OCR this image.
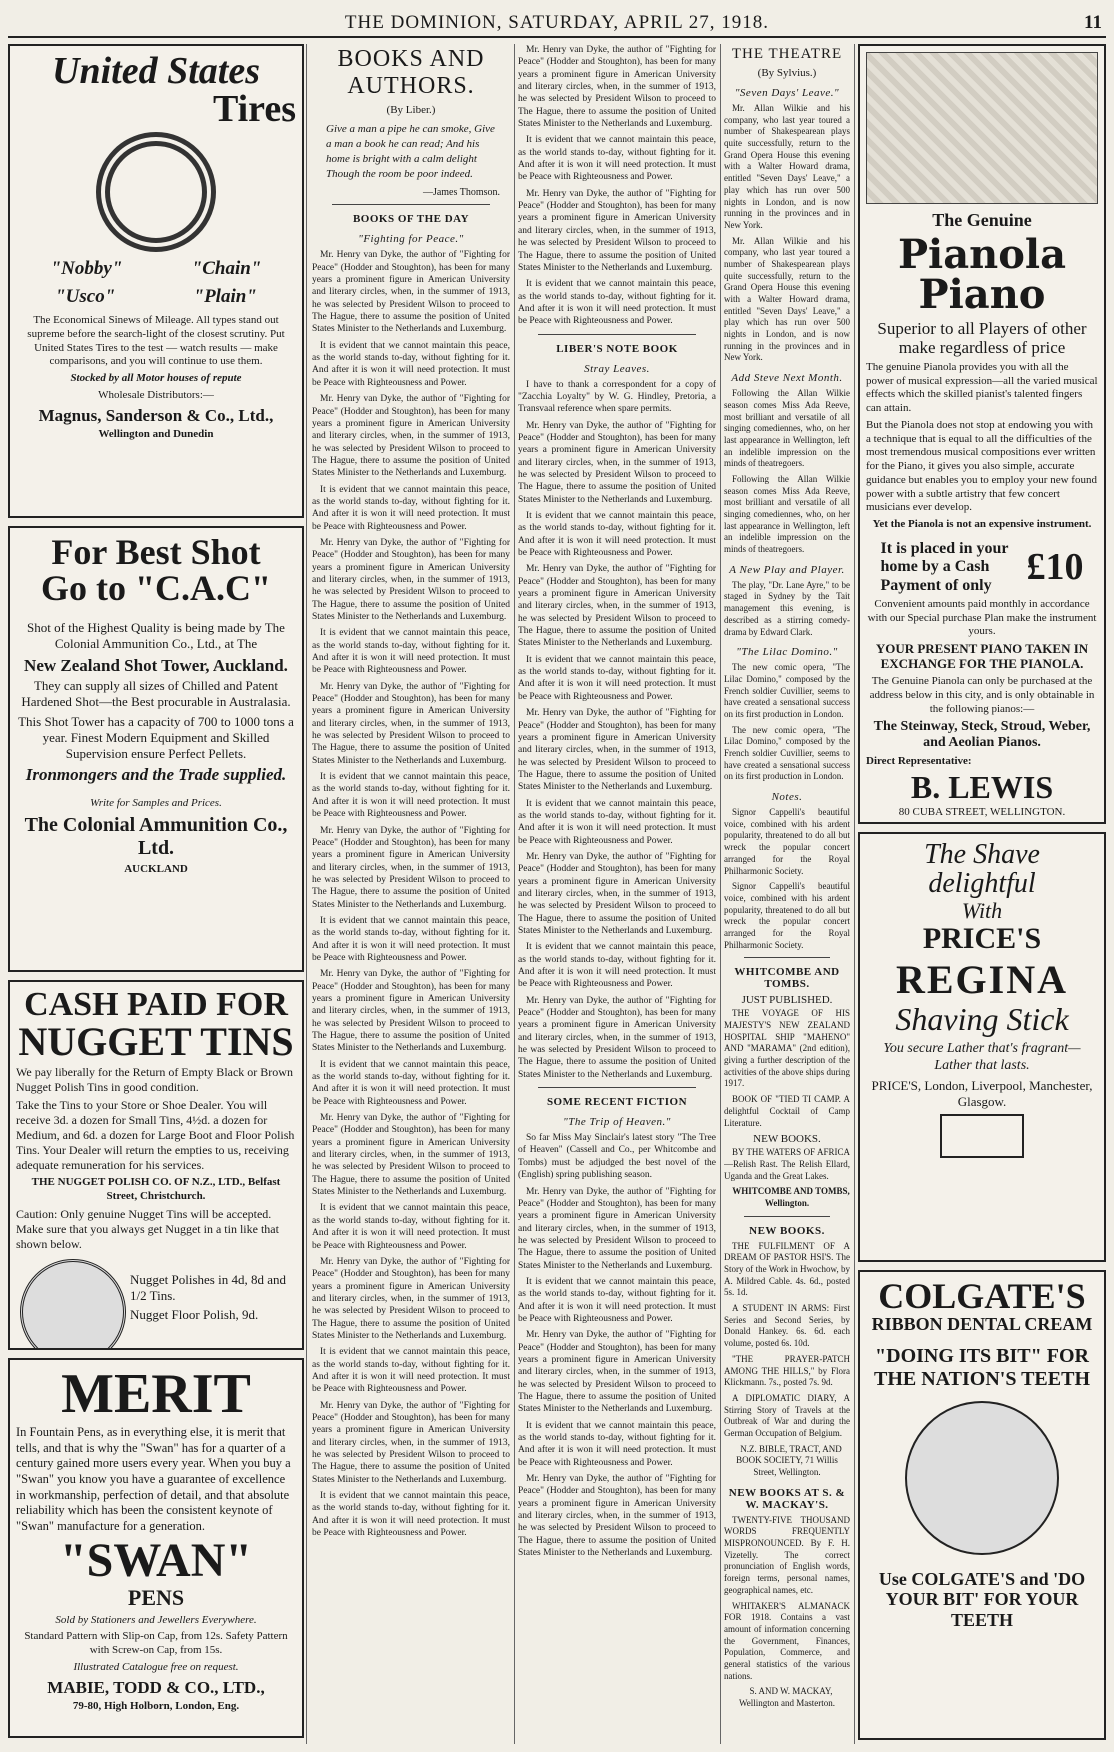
THE DOMINION, SATURDAY, APRIL 27, 1918.	11
United States
Tires
"Nobby"	"Chain"
"Usco"	"Plain"

The Economical Sinews of Mileage. All types stand out supreme before the search-light of the closest scrutiny. Put United States Tires to the test — watch results — make comparisons, and you will continue to use them.

Stocked by all Motor houses of repute

Wholesale Distributors:—

Magnus, Sanderson & Co., Ltd.,

Wellington and Dunedin

For Best Shot
Go to "C.A.C"

Shot of the Highest Quality is being made by The Colonial Ammunition Co., Ltd., at The

New Zealand Shot Tower, Auckland.

They can supply all sizes of Chilled and Patent Hardened Shot—the Best procurable in Australasia.

This Shot Tower has a capacity of 700 to 1000 tons a year. Finest Modern Equipment and Skilled Supervision ensure Perfect Pellets.

Ironmongers and the Trade supplied.

Write for Samples and Prices.

The Colonial Ammunition Co., Ltd.

AUCKLAND

CASH PAID FOR
NUGGET TINS

We pay liberally for the Return of Empty Black or Brown Nugget Polish Tins in good condition.

Take the Tins to your Store or Shoe Dealer. You will receive 3d. a dozen for Small Tins, 4½d. a dozen for Medium, and 6d. a dozen for Large Boot and Floor Polish Tins. Your Dealer will return the empties to us, receiving adequate remuneration for his services.

THE NUGGET POLISH CO. OF N.Z., LTD., Belfast Street, Christchurch.

Caution: Only genuine Nugget Tins will be accepted. Make sure that you always get Nugget in a tin like that shown below.

Nugget Polishes in 4d, 8d and 1/2 Tins.

Nugget Floor Polish, 9d.

MERIT

In Fountain Pens, as in everything else, it is merit that tells, and that is why the "Swan" has for a quarter of a century gained more users every year. When you buy a "Swan" you know you have a guarantee of excellence in workmanship, perfection of detail, and that absolute reliability which has been the consistent keynote of "Swan" manufacture for a generation.

"SWAN"
PENS

Sold by Stationers and Jewellers Everywhere.

Standard Pattern with Slip-on Cap, from 12s. Safety Pattern with Screw-on Cap, from 15s.

Illustrated Catalogue free on request.

MABIE, TODD & CO., LTD.,

79-80, High Holborn, London, Eng.

BOOKS AND AUTHORS.
(By Liber.)
Give a man a pipe he can smoke, Give a man a book he can read; And his home is bright with a calm delight Though the room be poor indeed.
—James Thomson.
BOOKS OF THE DAY
"Fighting for Peace."

Mr. Henry van Dyke, the author of "Fighting for Peace" (Hodder and Stoughton), has been for many years a prominent figure in American University and literary circles, when, in the summer of 1913, he was selected by President Wilson to proceed to The Hague, there to assume the position of United States Minister to the Netherlands and Luxemburg.

It is evident that we cannot maintain this peace, as the world stands to-day, without fighting for it. And after it is won it will need protection. It must be Peace with Righteousness and Power.

Mr. Henry van Dyke, the author of "Fighting for Peace" (Hodder and Stoughton), has been for many years a prominent figure in American University and literary circles, when, in the summer of 1913, he was selected by President Wilson to proceed to The Hague, there to assume the position of United States Minister to the Netherlands and Luxemburg.

It is evident that we cannot maintain this peace, as the world stands to-day, without fighting for it. And after it is won it will need protection. It must be Peace with Righteousness and Power.

Mr. Henry van Dyke, the author of "Fighting for Peace" (Hodder and Stoughton), has been for many years a prominent figure in American University and literary circles, when, in the summer of 1913, he was selected by President Wilson to proceed to The Hague, there to assume the position of United States Minister to the Netherlands and Luxemburg.

It is evident that we cannot maintain this peace, as the world stands to-day, without fighting for it. And after it is won it will need protection. It must be Peace with Righteousness and Power.

Mr. Henry van Dyke, the author of "Fighting for Peace" (Hodder and Stoughton), has been for many years a prominent figure in American University and literary circles, when, in the summer of 1913, he was selected by President Wilson to proceed to The Hague, there to assume the position of United States Minister to the Netherlands and Luxemburg.

It is evident that we cannot maintain this peace, as the world stands to-day, without fighting for it. And after it is won it will need protection. It must be Peace with Righteousness and Power.

Mr. Henry van Dyke, the author of "Fighting for Peace" (Hodder and Stoughton), has been for many years a prominent figure in American University and literary circles, when, in the summer of 1913, he was selected by President Wilson to proceed to The Hague, there to assume the position of United States Minister to the Netherlands and Luxemburg.

It is evident that we cannot maintain this peace, as the world stands to-day, without fighting for it. And after it is won it will need protection. It must be Peace with Righteousness and Power.

Mr. Henry van Dyke, the author of "Fighting for Peace" (Hodder and Stoughton), has been for many years a prominent figure in American University and literary circles, when, in the summer of 1913, he was selected by President Wilson to proceed to The Hague, there to assume the position of United States Minister to the Netherlands and Luxemburg.

It is evident that we cannot maintain this peace, as the world stands to-day, without fighting for it. And after it is won it will need protection. It must be Peace with Righteousness and Power.

Mr. Henry van Dyke, the author of "Fighting for Peace" (Hodder and Stoughton), has been for many years a prominent figure in American University and literary circles, when, in the summer of 1913, he was selected by President Wilson to proceed to The Hague, there to assume the position of United States Minister to the Netherlands and Luxemburg.

It is evident that we cannot maintain this peace, as the world stands to-day, without fighting for it. And after it is won it will need protection. It must be Peace with Righteousness and Power.

Mr. Henry van Dyke, the author of "Fighting for Peace" (Hodder and Stoughton), has been for many years a prominent figure in American University and literary circles, when, in the summer of 1913, he was selected by President Wilson to proceed to The Hague, there to assume the position of United States Minister to the Netherlands and Luxemburg.

It is evident that we cannot maintain this peace, as the world stands to-day, without fighting for it. And after it is won it will need protection. It must be Peace with Righteousness and Power.

Mr. Henry van Dyke, the author of "Fighting for Peace" (Hodder and Stoughton), has been for many years a prominent figure in American University and literary circles, when, in the summer of 1913, he was selected by President Wilson to proceed to The Hague, there to assume the position of United States Minister to the Netherlands and Luxemburg.

It is evident that we cannot maintain this peace, as the world stands to-day, without fighting for it. And after it is won it will need protection. It must be Peace with Righteousness and Power.

Mr. Henry van Dyke, the author of "Fighting for Peace" (Hodder and Stoughton), has been for many years a prominent figure in American University and literary circles, when, in the summer of 1913, he was selected by President Wilson to proceed to The Hague, there to assume the position of United States Minister to the Netherlands and Luxemburg.

It is evident that we cannot maintain this peace, as the world stands to-day, without fighting for it. And after it is won it will need protection. It must be Peace with Righteousness and Power.

Mr. Henry van Dyke, the author of "Fighting for Peace" (Hodder and Stoughton), has been for many years a prominent figure in American University and literary circles, when, in the summer of 1913, he was selected by President Wilson to proceed to The Hague, there to assume the position of United States Minister to the Netherlands and Luxemburg.

It is evident that we cannot maintain this peace, as the world stands to-day, without fighting for it. And after it is won it will need protection. It must be Peace with Righteousness and Power.

LIBER'S NOTE BOOK
Stray Leaves.

I have to thank a correspondent for a copy of "Zacchia Loyalty" by W. G. Hindley, Pretoria, a Transvaal reference when spare permits.

Mr. Henry van Dyke, the author of "Fighting for Peace" (Hodder and Stoughton), has been for many years a prominent figure in American University and literary circles, when, in the summer of 1913, he was selected by President Wilson to proceed to The Hague, there to assume the position of United States Minister to the Netherlands and Luxemburg.

It is evident that we cannot maintain this peace, as the world stands to-day, without fighting for it. And after it is won it will need protection. It must be Peace with Righteousness and Power.

Mr. Henry van Dyke, the author of "Fighting for Peace" (Hodder and Stoughton), has been for many years a prominent figure in American University and literary circles, when, in the summer of 1913, he was selected by President Wilson to proceed to The Hague, there to assume the position of United States Minister to the Netherlands and Luxemburg.

It is evident that we cannot maintain this peace, as the world stands to-day, without fighting for it. And after it is won it will need protection. It must be Peace with Righteousness and Power.

Mr. Henry van Dyke, the author of "Fighting for Peace" (Hodder and Stoughton), has been for many years a prominent figure in American University and literary circles, when, in the summer of 1913, he was selected by President Wilson to proceed to The Hague, there to assume the position of United States Minister to the Netherlands and Luxemburg.

It is evident that we cannot maintain this peace, as the world stands to-day, without fighting for it. And after it is won it will need protection. It must be Peace with Righteousness and Power.

Mr. Henry van Dyke, the author of "Fighting for Peace" (Hodder and Stoughton), has been for many years a prominent figure in American University and literary circles, when, in the summer of 1913, he was selected by President Wilson to proceed to The Hague, there to assume the position of United States Minister to the Netherlands and Luxemburg.

It is evident that we cannot maintain this peace, as the world stands to-day, without fighting for it. And after it is won it will need protection. It must be Peace with Righteousness and Power.

Mr. Henry van Dyke, the author of "Fighting for Peace" (Hodder and Stoughton), has been for many years a prominent figure in American University and literary circles, when, in the summer of 1913, he was selected by President Wilson to proceed to The Hague, there to assume the position of United States Minister to the Netherlands and Luxemburg.

SOME RECENT FICTION
"The Trip of Heaven."

So far Miss May Sinclair's latest story "The Tree of Heaven" (Cassell and Co., per Whitcombe and Tombs) must be adjudged the best novel of the (English) spring publishing season.

Mr. Henry van Dyke, the author of "Fighting for Peace" (Hodder and Stoughton), has been for many years a prominent figure in American University and literary circles, when, in the summer of 1913, he was selected by President Wilson to proceed to The Hague, there to assume the position of United States Minister to the Netherlands and Luxemburg.

It is evident that we cannot maintain this peace, as the world stands to-day, without fighting for it. And after it is won it will need protection. It must be Peace with Righteousness and Power.

Mr. Henry van Dyke, the author of "Fighting for Peace" (Hodder and Stoughton), has been for many years a prominent figure in American University and literary circles, when, in the summer of 1913, he was selected by President Wilson to proceed to The Hague, there to assume the position of United States Minister to the Netherlands and Luxemburg.

It is evident that we cannot maintain this peace, as the world stands to-day, without fighting for it. And after it is won it will need protection. It must be Peace with Righteousness and Power.

Mr. Henry van Dyke, the author of "Fighting for Peace" (Hodder and Stoughton), has been for many years a prominent figure in American University and literary circles, when, in the summer of 1913, he was selected by President Wilson to proceed to The Hague, there to assume the position of United States Minister to the Netherlands and Luxemburg.

THE THEATRE
(By Sylvius.)
"Seven Days' Leave."

Mr. Allan Wilkie and his company, who last year toured a number of Shakespearean plays quite successfully, return to the Grand Opera House this evening with a Walter Howard drama, entitled "Seven Days' Leave," a play which has run over 500 nights in London, and is now running in the provinces and in New York.

Mr. Allan Wilkie and his company, who last year toured a number of Shakespearean plays quite successfully, return to the Grand Opera House this evening with a Walter Howard drama, entitled "Seven Days' Leave," a play which has run over 500 nights in London, and is now running in the provinces and in New York.

Add Steve Next Month.

Following the Allan Wilkie season comes Miss Ada Reeve, most brilliant and versatile of all singing comediennes, who, on her last appearance in Wellington, left an indelible impression on the minds of theatregoers.

Following the Allan Wilkie season comes Miss Ada Reeve, most brilliant and versatile of all singing comediennes, who, on her last appearance in Wellington, left an indelible impression on the minds of theatregoers.

A New Play and Player.

The play, "Dr. Lane Ayre," to be staged in Sydney by the Tait management this evening, is described as a stirring comedy-drama by Edward Clark.

"The Lilac Domino."

The new comic opera, "The Lilac Domino," composed by the French soldier Cuvillier, seems to have created a sensational success on its first production in London.

The new comic opera, "The Lilac Domino," composed by the French soldier Cuvillier, seems to have created a sensational success on its first production in London.

Notes.

Signor Cappelli's beautiful voice, combined with his ardent popularity, threatened to do all but wreck the popular concert arranged for the Royal Philharmonic Society.

Signor Cappelli's beautiful voice, combined with his ardent popularity, threatened to do all but wreck the popular concert arranged for the Royal Philharmonic Society.

WHITCOMBE AND TOMBS.
JUST PUBLISHED.

THE VOYAGE OF HIS MAJESTY'S NEW ZEALAND HOSPITAL SHIP "MAHENO" AND "MARAMA" (2nd edition), giving a further description of the activities of the above ships during 1917.

BOOK OF "TIED TI CAMP. A delightful Cocktail of Camp Literature.

NEW BOOKS.

BY THE WATERS OF AFRICA—Relish Rast. The Relish Ellard, Uganda and the Great Lakes.

WHITCOMBE AND TOMBS, Wellington.

NEW BOOKS.

THE FULFILMENT OF A DREAM OF PASTOR HSI'S. The Story of the Work in Hwochow, by A. Mildred Cable. 4s. 6d., posted 5s. 1d.

A STUDENT IN ARMS: First Series and Second Series, by Donald Hankey. 6s. 6d. each volume, posted 6s. 10d.

"THE PRAYER-PATCH AMONG THE HILLS," by Flora Klickmann. 7s., posted 7s. 9d.

A DIPLOMATIC DIARY, A Stirring Story of Travels at the Outbreak of War and during the German Occupation of Belgium.

N.Z. BIBLE, TRACT, AND BOOK SOCIETY, 71 Willis Street, Wellington.

NEW BOOKS AT S. & W. MACKAY'S.

TWENTY-FIVE THOUSAND WORDS FREQUENTLY MISPRONOUNCED. By F. H. Vizetelly. The correct pronunciation of English words, foreign terms, personal names, geographical names, etc.

WHITAKER'S ALMANACK FOR 1918. Contains a vast amount of information concerning the Government, Finances, Population, Commerce, and general statistics of the various nations.

S. AND W. MACKAY, Wellington and Masterton.

The Genuine
Pianola Piano
Superior to all Players of other make regardless of price

The genuine Pianola provides you with all the power of musical expression—all the varied musical effects which the skilled pianist's talented fingers can attain.

But the Pianola does not stop at endowing you with a technique that is equal to all the difficulties of the most tremendous musical compositions ever written for the Piano, it gives you also simple, accurate guidance but enables you to employ your new found power with a subtle artistry that few concert musicians ever develop.

Yet the Pianola is not an expensive instrument.

It is placed in your home by a Cash Payment of only £10

Convenient amounts paid monthly in accordance with our Special purchase Plan make the instrument yours.

YOUR PRESENT PIANO TAKEN IN EXCHANGE FOR THE PIANOLA.

The Genuine Pianola can only be purchased at the address below in this city, and is only obtainable in the following pianos:—

The Steinway, Steck, Stroud, Weber, and Aeolian Pianos.

Direct Representative:

B. LEWIS

80 CUBA STREET, WELLINGTON.

The Shave
delightful
With
PRICE'S
REGINA
Shaving Stick

You secure Lather that's fragrant— Lather that lasts.

PRICE'S, London, Liverpool, Manchester, Glasgow.

COLGATE'S
RIBBON DENTAL CREAM
"DOING ITS BIT" FOR THE NATION'S TEETH
Use COLGATE'S and 'DO YOUR BIT' FOR YOUR TEETH
